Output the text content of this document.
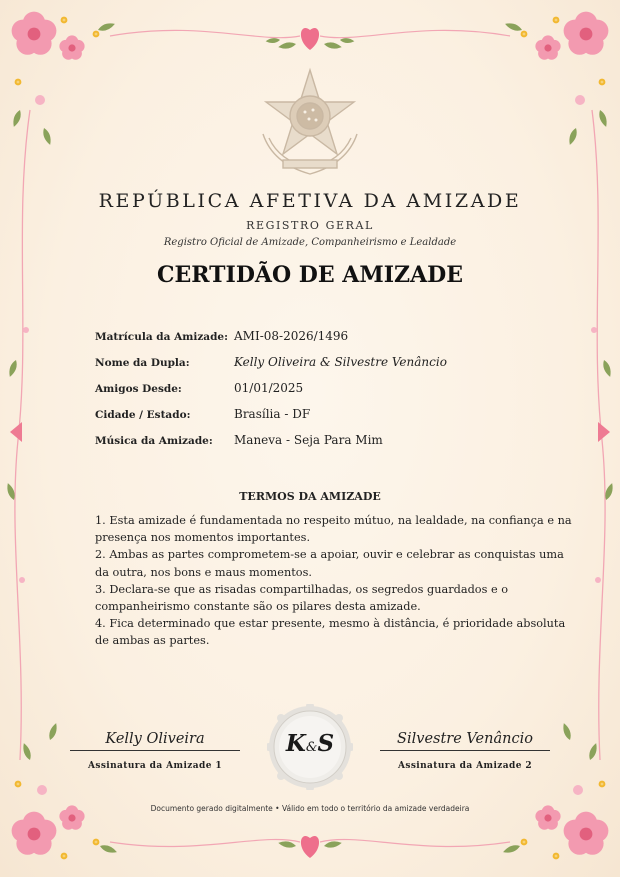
REPÚBLICA AFETIVA DA AMIZADE
REGISTRO GERAL
Registro Oficial de Amizade, Companheirismo e Lealdade
CERTIDÃO DE AMIZADE
Matrícula da Amizade: AMI-08-2026/1496
Nome da Dupla:	Kelly Oliveira & Silvestre Venâncio
Amigos Desde:	01/01/2025
Cidade / Estado:	Brasília - DF
Música da Amizade: Maneva - Seja Para Mim
TERMOS DA AMIZADE

1. Esta amizade é fundamentada no respeito mútuo, na lealdade, na confiança e na presença nos momentos importantes.

2. Ambas as partes comprometem-se a apoiar, ouvir e celebrar as conquistas uma da outra, nos bons e maus momentos.

3. Declara-se que as risadas compartilhadas, os segredos guardados e o companheirismo constante são os pilares desta amizade.

4. Fica determinado que estar presente, mesmo à distância, é prioridade absoluta de ambas as partes.

Kelly Oliveira
Assinatura da Amizade 1
K&S	Silvestre Venâncio
Assinatura da Amizade 2
Documento gerado digitalmente • Válido em todo o território da amizade verdadeira
